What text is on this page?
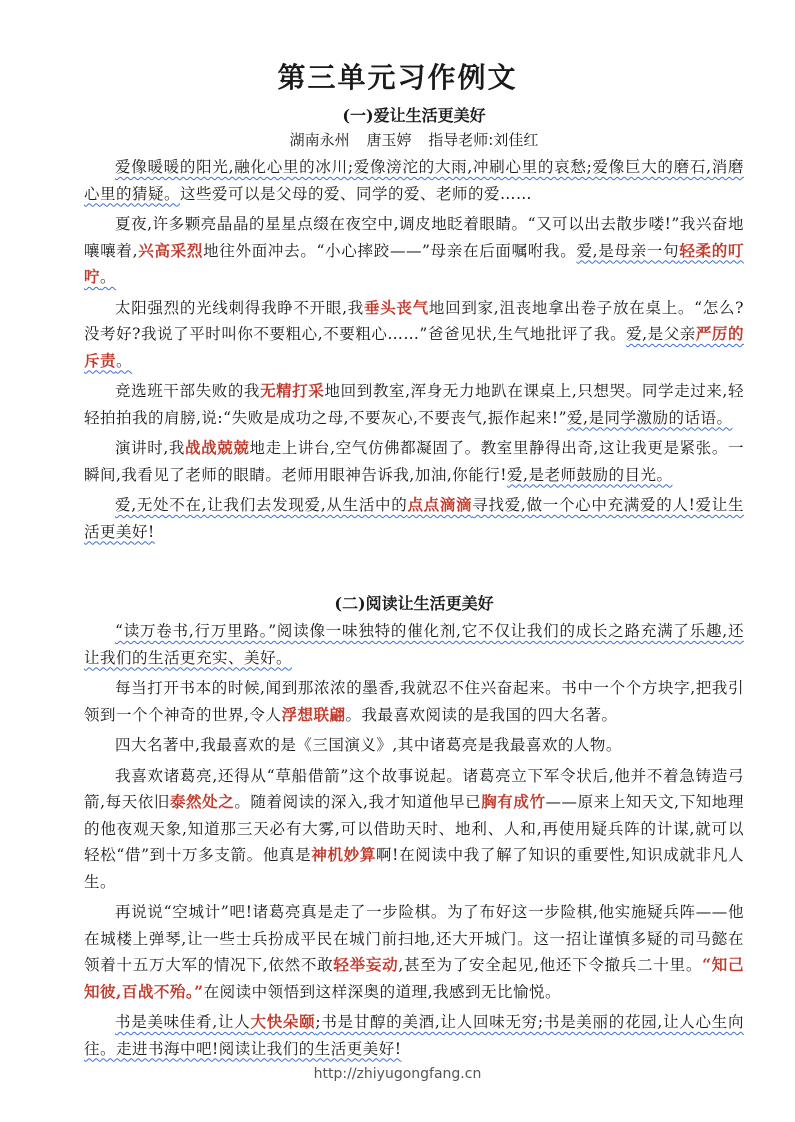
第三单元习作例文
(一)爱让生活更美好
湖南永州 唐玉婷 指导老师:刘佳红

爱像暖暖的阳光,融化心里的冰川;爱像滂沱的大雨,冲刷心里的哀愁;爱像巨大的磨石,消磨心里的猜疑。这些爱可以是父母的爱、同学的爱、老师的爱……

夏夜,许多颗亮晶晶的星星点缀在夜空中,调皮地眨着眼睛。“又可以出去散步喽!”我兴奋地嚷嚷着,兴高采烈地往外面冲去。“小心摔跤——”母亲在后面嘱咐我。爱,是母亲一句轻柔的叮咛。

太阳强烈的光线刺得我睁不开眼,我垂头丧气地回到家,沮丧地拿出卷子放在桌上。“怎么?没考好?我说了平时叫你不要粗心,不要粗心……”爸爸见状,生气地批评了我。爱,是父亲严厉的斥责。

竞选班干部失败的我无精打采地回到教室,浑身无力地趴在课桌上,只想哭。同学走过来,轻轻拍拍我的肩膀,说:“失败是成功之母,不要灰心,不要丧气,振作起来!”爱,是同学激励的话语。

演讲时,我战战兢兢地走上讲台,空气仿佛都凝固了。教室里静得出奇,这让我更是紧张。一瞬间,我看见了老师的眼睛。老师用眼神告诉我,加油,你能行!爱,是老师鼓励的目光。

爱,无处不在,让我们去发现爱,从生活中的点点滴滴寻找爱,做一个心中充满爱的人!爱让生活更美好!

(二)阅读让生活更美好

“读万卷书,行万里路。”阅读像一味独特的催化剂,它不仅让我们的成长之路充满了乐趣,还让我们的生活更充实、美好。

每当打开书本的时候,闻到那浓浓的墨香,我就忍不住兴奋起来。书中一个个方块字,把我引领到一个个神奇的世界,令人浮想联翩。我最喜欢阅读的是我国的四大名著。

四大名著中,我最喜欢的是《三国演义》,其中诸葛亮是我最喜欢的人物。

我喜欢诸葛亮,还得从“草船借箭”这个故事说起。诸葛亮立下军令状后,他并不着急铸造弓箭,每天依旧泰然处之。随着阅读的深入,我才知道他早已胸有成竹——原来上知天文,下知地理的他夜观天象,知道那三天必有大雾,可以借助天时、地利、人和,再使用疑兵阵的计谋,就可以轻松“借”到十万多支箭。他真是神机妙算啊!在阅读中我了解了知识的重要性,知识成就非凡人生。

再说说“空城计”吧!诸葛亮真是走了一步险棋。为了布好这一步险棋,他实施疑兵阵——他在城楼上弹琴,让一些士兵扮成平民在城门前扫地,还大开城门。这一招让谨慎多疑的司马懿在领着十五万大军的情况下,依然不敢轻举妄动,甚至为了安全起见,他还下令撤兵二十里。“知己知彼,百战不殆。”在阅读中领悟到这样深奥的道理,我感到无比愉悦。

书是美味佳肴,让人大快朵颐;书是甘醇的美酒,让人回味无穷;书是美丽的花园,让人心生向往。走进书海中吧!阅读让我们的生活更美好!

http://zhiyugongfang.cn
